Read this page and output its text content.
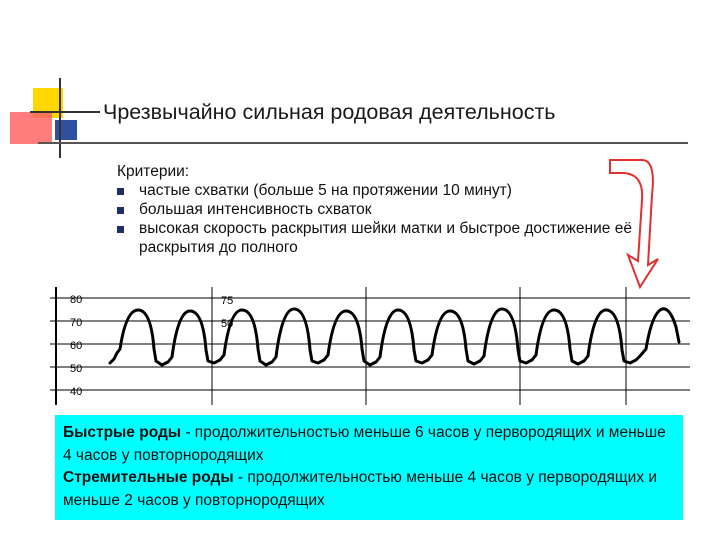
Чрезвычайно сильная родовая деятельность
Критерии:
частые схватки (больше 5 на протяжении 10 минут)
большая интенсивность схваток
высокая скорость раскрытия шейки матки и быстрое достижение её раскрытия до полного
80
70
60
50
40
75
50

Быстрые роды - продолжительностью меньше 6 часов у первородящих и меньше 4 часов у повторнородящих

Стремительные роды - продолжительностью меньше 4 часов у первородящих и меньше 2 часов у повторнородящих
